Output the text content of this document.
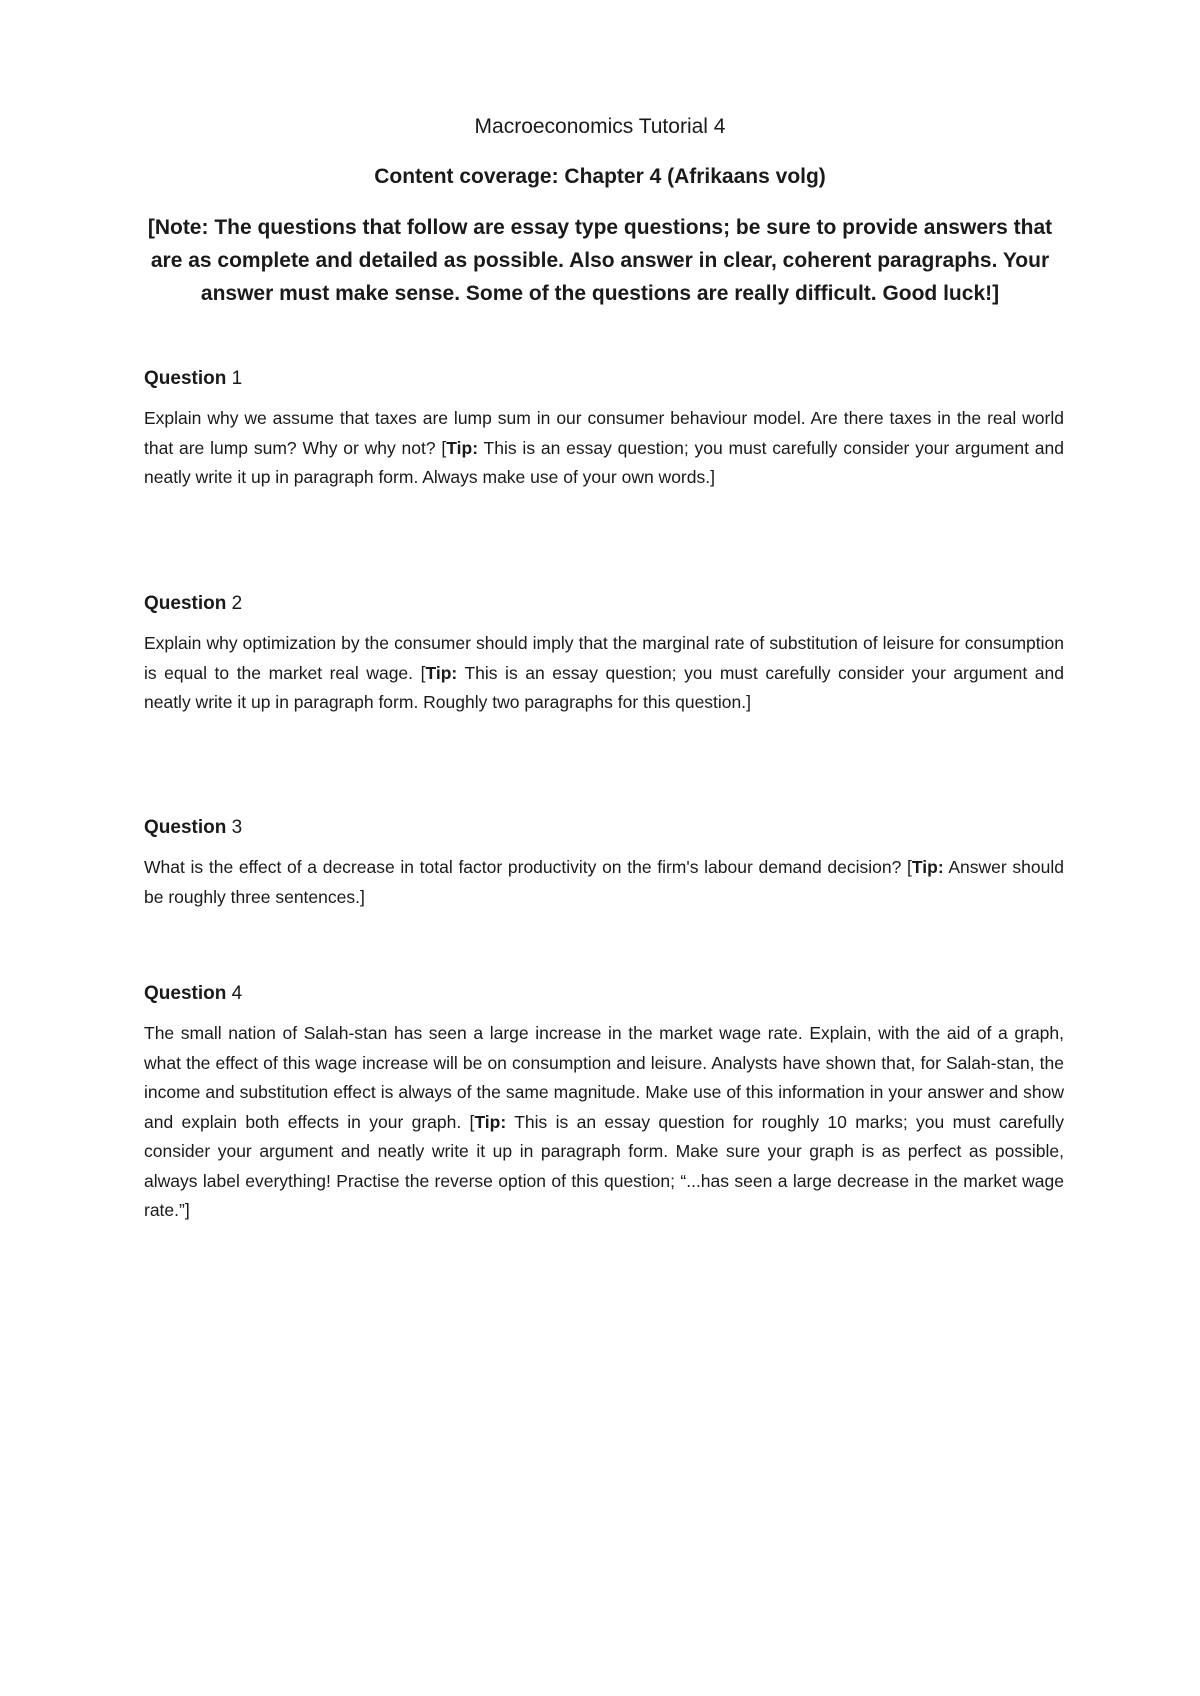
Macroeconomics Tutorial 4
Content coverage: Chapter 4 (Afrikaans volg)
[Note: The questions that follow are essay type questions; be sure to provide answers that are as complete and detailed as possible. Also answer in clear, coherent paragraphs. Your answer must make sense. Some of the questions are really difficult. Good luck!]
Question 1

Explain why we assume that taxes are lump sum in our consumer behaviour model. Are there taxes in the real world that are lump sum? Why or why not? [Tip: This is an essay question; you must carefully consider your argument and neatly write it up in paragraph form. Always make use of your own words.]

Question 2

Explain why optimization by the consumer should imply that the marginal rate of substitution of leisure for consumption is equal to the market real wage. [Tip: This is an essay question; you must carefully consider your argument and neatly write it up in paragraph form. Roughly two paragraphs for this question.]

Question 3

What is the effect of a decrease in total factor productivity on the firm's labour demand decision? [Tip: Answer should be roughly three sentences.]

Question 4

The small nation of Salah-stan has seen a large increase in the market wage rate. Explain, with the aid of a graph, what the effect of this wage increase will be on consumption and leisure. Analysts have shown that, for Salah-stan, the income and substitution effect is always of the same magnitude. Make use of this information in your answer and show and explain both effects in your graph. [Tip: This is an essay question for roughly 10 marks; you must carefully consider your argument and neatly write it up in paragraph form. Make sure your graph is as perfect as possible, always label everything! Practise the reverse option of this question; “...has seen a large decrease in the market wage rate.”]
